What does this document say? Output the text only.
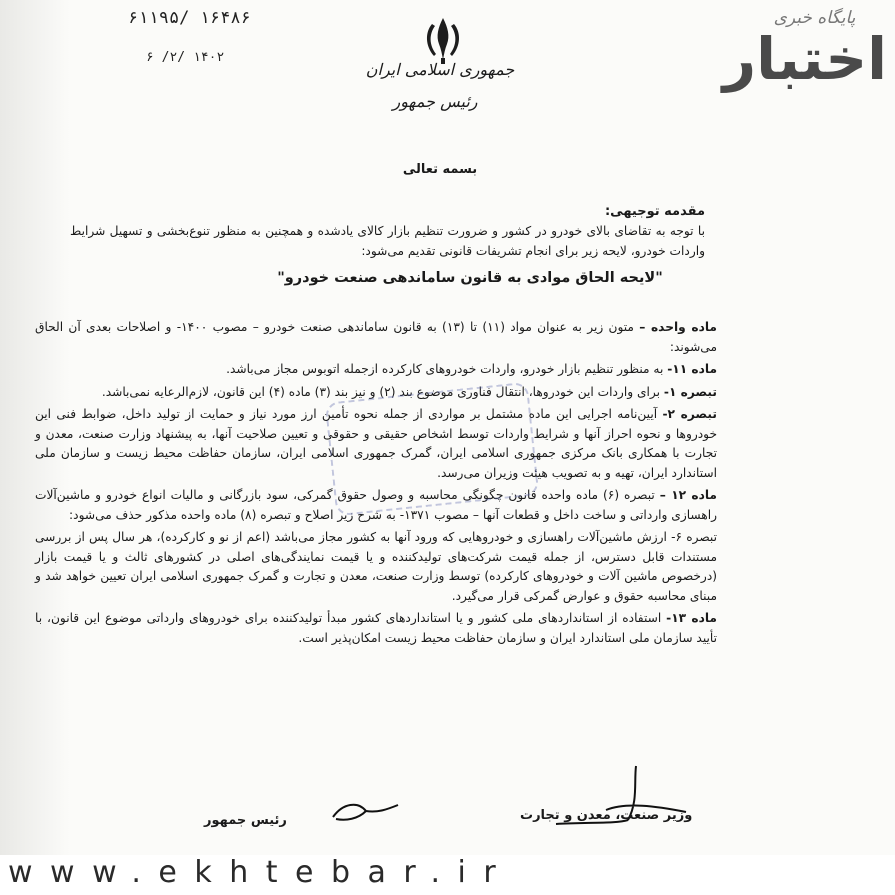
۶۱۱۹۵/ ۱۶۴۸۶
۶ /۲/ ۱۴۰۲
جمهوری اسلامی ایران
رئیس جمهور
پایگاه خبری
اختبار
بسمه تعالی
مقدمه توجیهی:
با توجه به تقاضای بالای خودرو در کشور و ضرورت تنظیم بازار کالای یادشده و همچنین به منظور تنوع‌بخشی و تسهیل شرایط واردات خودرو، لایحه زیر برای انجام تشریفات قانونی تقدیم می‌شود:
"لایحه الحاق موادی به قانون ساماندهی صنعت خودرو"

ماده واحده – متون زیر به عنوان مواد (۱۱) تا (۱۳) به قانون ساماندهی صنعت خودرو – مصوب ۱۴۰۰- و اصلاحات بعدی آن الحاق می‌شوند:

ماده ۱۱- به منظور تنظیم بازار خودرو، واردات خودروهای کارکرده ازجمله اتوبوس مجاز می‌باشد.

تبصره ۱- برای واردات این خودروها، انتقال فناوری موضوع بند (۲) و نیز بند (۳) ماده (۴) این قانون، لازم‌الرعایه نمی‌باشد.

تبصره ۲- آیین‌نامه اجرایی این ماده مشتمل بر مواردی از جمله نحوه تأمین ارز مورد نیاز و حمایت از تولید داخل، ضوابط فنی این خودروها و نحوه احراز آنها و شرایط واردات توسط اشخاص حقیقی و حقوقی و تعیین صلاحیت آنها، به پیشنهاد وزارت صنعت، معدن و تجارت با همکاری بانک مرکزی جمهوری اسلامی ایران، گمرک جمهوری اسلامی ایران، سازمان حفاظت محیط زیست و سازمان ملی استاندارد ایران، تهیه و به تصویب هیئت وزیران می‌رسد.

ماده ۱۲ – تبصره (۶) ماده واحده قانون چگونگی محاسبه و وصول حقوق گمرکی، سود بازرگانی و مالیات انواع خودرو و ماشین‌آلات راهسازی وارداتی و ساخت داخل و قطعات آنها – مصوب ۱۳۷۱- به شرح زیر اصلاح و تبصره (۸) ماده واحده مذکور حذف می‌شود:

تبصره ۶- ارزش ماشین‌آلات راهسازی و خودروهایی که ورود آنها به کشور مجاز می‌باشد (اعم از نو و کارکرده)، هر سال پس از بررسی مستندات قابل دسترس، از جمله قیمت شرکت‌های تولیدکننده و یا قیمت نمایندگی‌های اصلی در کشورهای ثالث و یا قیمت بازار (درخصوص ماشین آلات و خودروهای کارکرده) توسط وزارت صنعت، معدن و تجارت و گمرک جمهوری اسلامی ایران تعیین خواهد شد و مبنای محاسبه حقوق و عوارض گمرکی قرار می‌گیرد.

ماده ۱۳- استفاده از استانداردهای ملی کشور و یا استانداردهای کشور مبدأ تولیدکننده برای خودروهای وارداتی موضوع این قانون، با تأیید سازمان ملی استاندارد ایران و سازمان حفاظت محیط زیست امکان‌پذیر است.

وزیر صنعت، معدن و تجارت
رئیس جمهور
www.ekhtebar.ir
